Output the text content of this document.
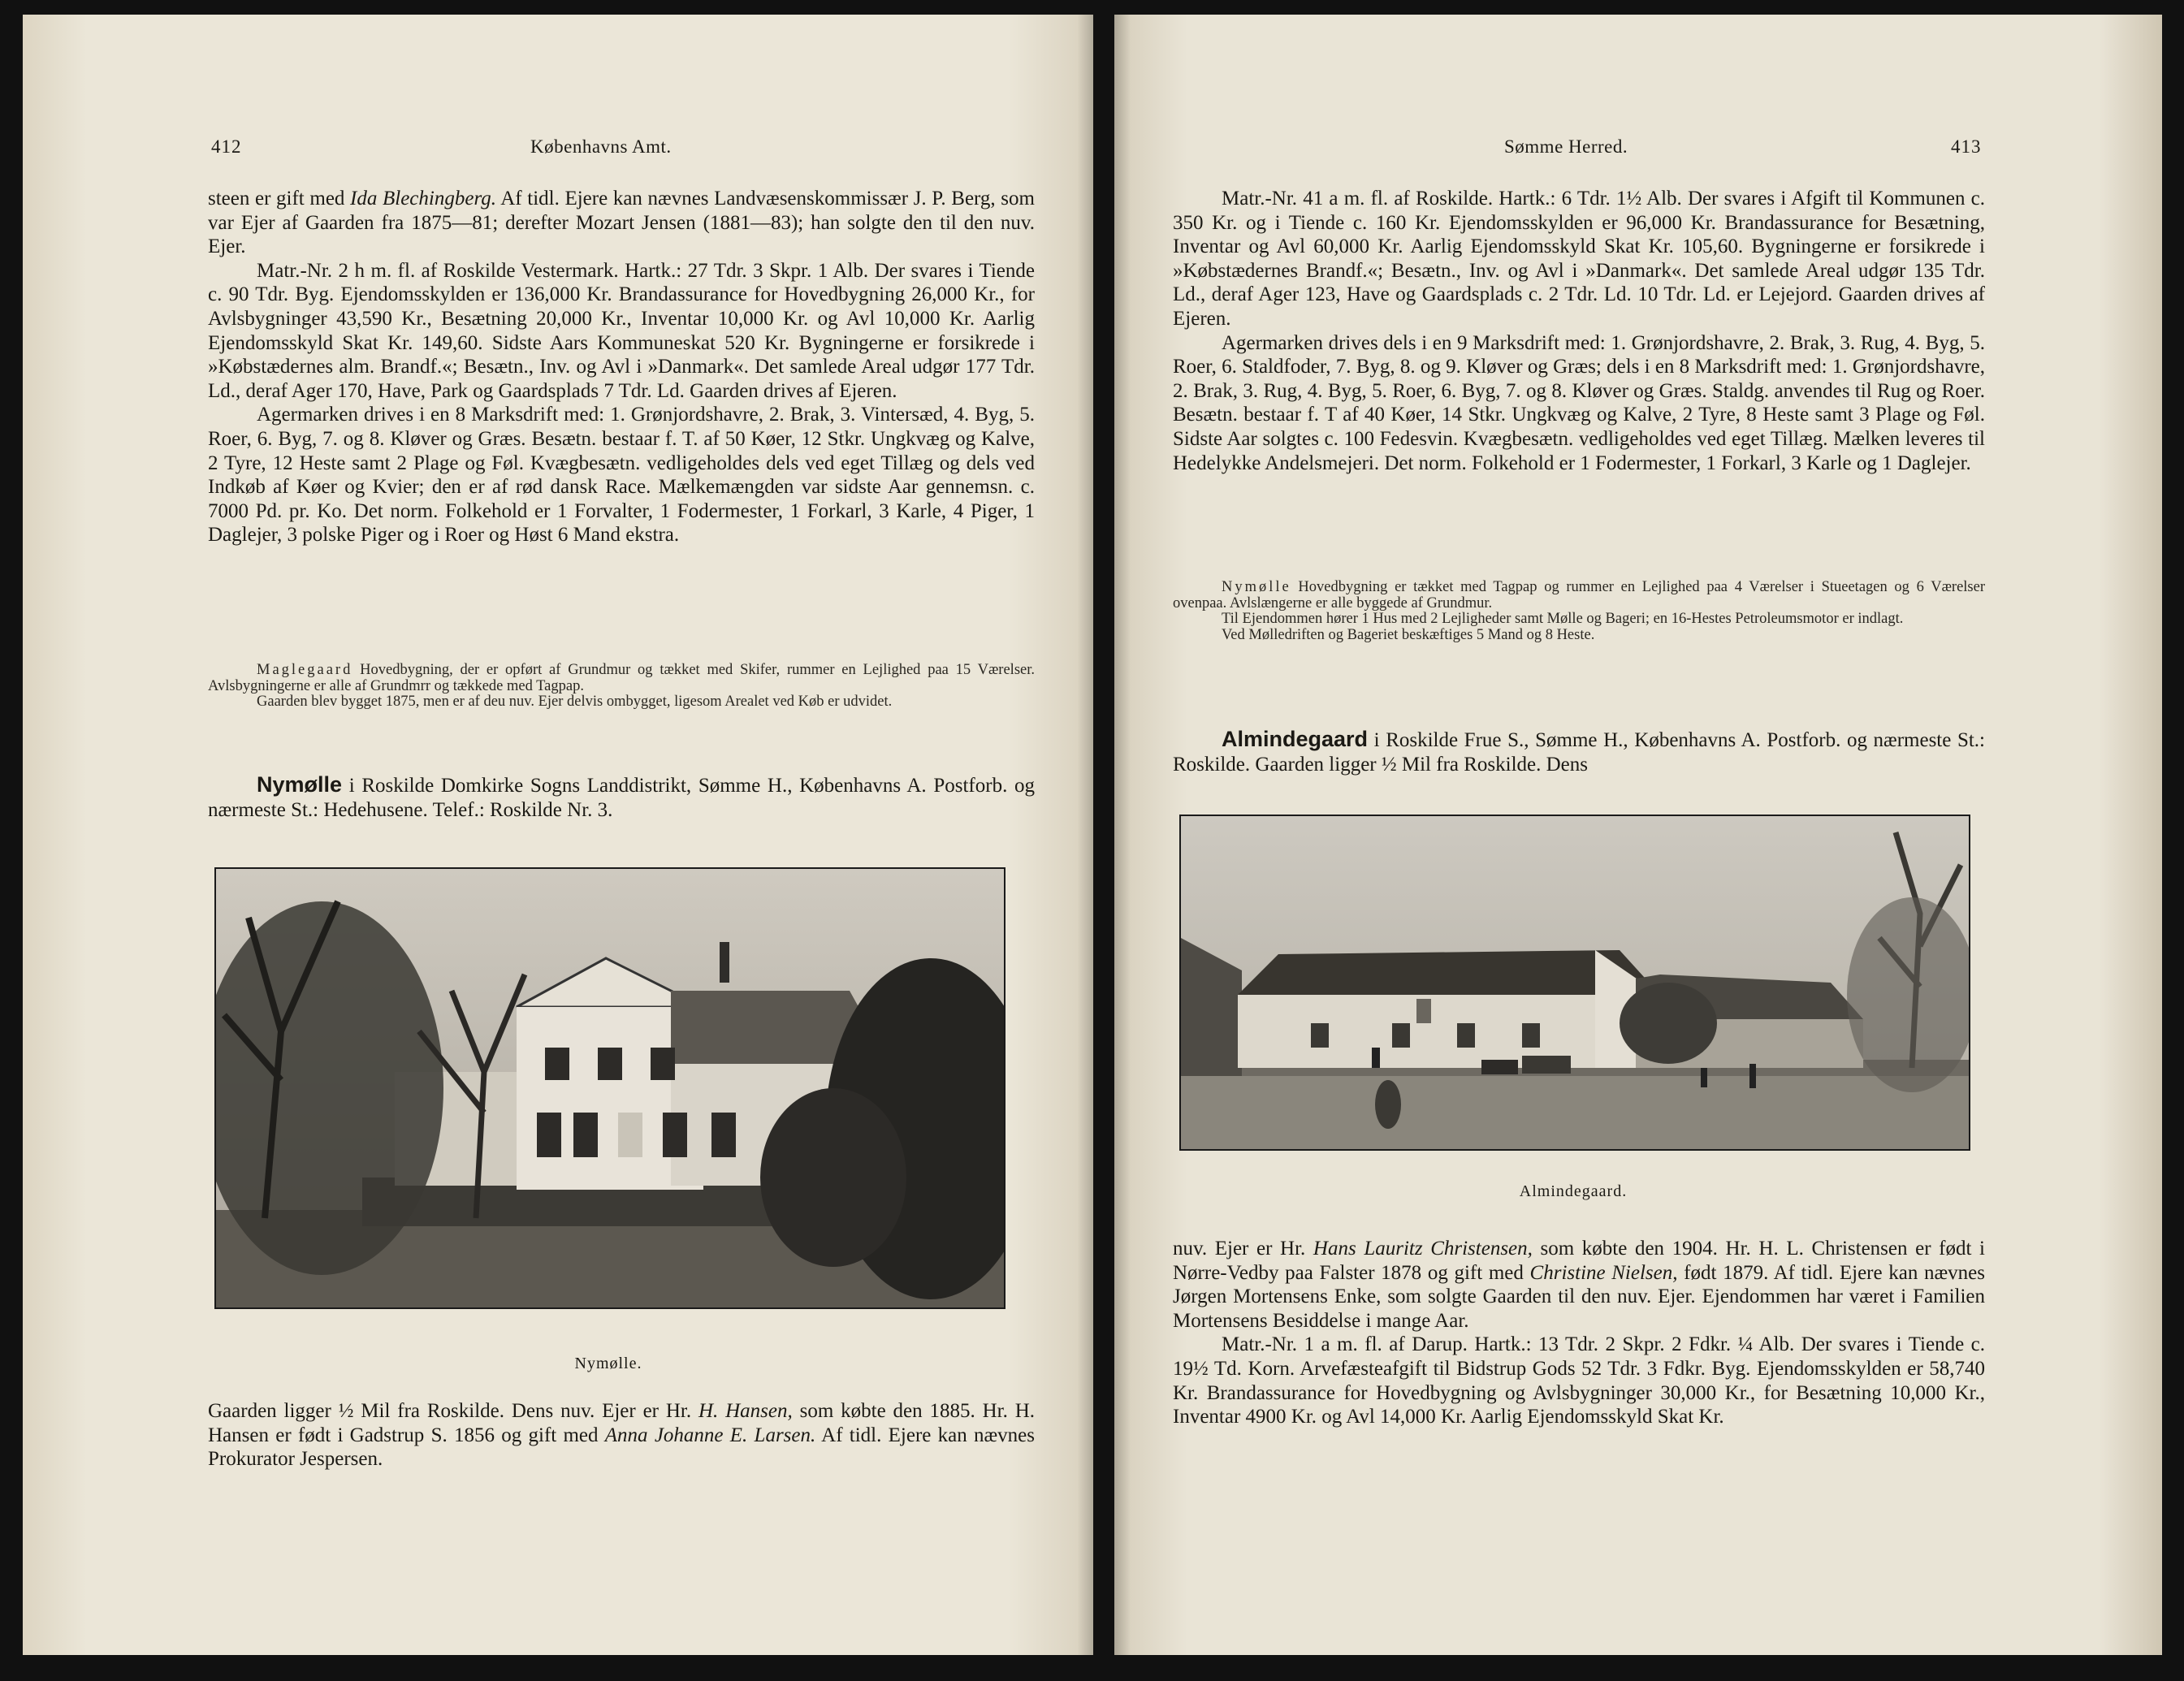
412	Københavns Amt.

steen er gift med Ida Blechingberg. Af tidl. Ejere kan nævnes Landvæsenskommissær J. P. Berg, som var Ejer af Gaarden fra 1875—81; derefter Mozart Jensen (1881—83); han solgte den til den nuv. Ejer.

Matr.-Nr. 2 h m. fl. af Roskilde Vestermark. Hartk.: 27 Tdr. 3 Skpr. 1 Alb. Der svares i Tiende c. 90 Tdr. Byg. Ejendomsskylden er 136,000 Kr. Brandassurance for Hovedbygning 26,000 Kr., for Avlsbygninger 43,590 Kr., Besætning 20,000 Kr., Inventar 10,000 Kr. og Avl 10,000 Kr. Aarlig Ejendomsskyld Skat Kr. 149,60. Sidste Aars Kommuneskat 520 Kr. Bygningerne er forsikrede i »Købstædernes alm. Brandf.«; Besætn., Inv. og Avl i »Danmark«. Det samlede Areal udgør 177 Tdr. Ld., deraf Ager 170, Have, Park og Gaardsplads 7 Tdr. Ld. Gaarden drives af Ejeren.

Agermarken drives i en 8 Marksdrift med: 1. Grønjordshavre, 2. Brak, 3. Vintersæd, 4. Byg, 5. Roer, 6. Byg, 7. og 8. Kløver og Græs. Besætn. bestaar f. T. af 50 Køer, 12 Stkr. Ungkvæg og Kalve, 2 Tyre, 12 Heste samt 2 Plage og Føl. Kvægbesætn. vedligeholdes dels ved eget Tillæg og dels ved Indkøb af Køer og Kvier; den er af rød dansk Race. Mælkemængden var sidste Aar gennemsn. c. 7000 Pd. pr. Ko. Det norm. Folkehold er 1 Forvalter, 1 Fodermester, 1 Forkarl, 3 Karle, 4 Piger, 1 Daglejer, 3 polske Piger og i Roer og Høst 6 Mand ekstra.

Maglegaard Hovedbygning, der er opført af Grundmur og tækket med Skifer, rummer en Lejlighed paa 15 Værelser. Avlsbygningerne er alle af Grundmrr og tækkede med Tagpap.

Gaarden blev bygget 1875, men er af deu nuv. Ejer delvis ombygget, ligesom Arealet ved Køb er udvidet.

Nymølle i Roskilde Domkirke Sogns Landdistrikt, Sømme H., Københavns A. Postforb. og nærmeste St.: Hedehusene. Telef.: Roskilde Nr. 3.

Nymølle.

Gaarden ligger ½ Mil fra Roskilde. Dens nuv. Ejer er Hr. H. Hansen, som købte den 1885. Hr. H. Hansen er født i Gadstrup S. 1856 og gift med Anna Johanne E. Larsen. Af tidl. Ejere kan nævnes Prokurator Jespersen.

Sømme Herred.	413

Matr.-Nr. 41 a m. fl. af Roskilde. Hartk.: 6 Tdr. 1½ Alb. Der svares i Afgift til Kommunen c. 350 Kr. og i Tiende c. 160 Kr. Ejendomsskylden er 96,000 Kr. Brandassurance for Besætning, Inventar og Avl 60,000 Kr. Aarlig Ejendomsskyld Skat Kr. 105,60. Bygningerne er forsikrede i »Købstædernes Brandf.«; Besætn., Inv. og Avl i »Danmark«. Det samlede Areal udgør 135 Tdr. Ld., deraf Ager 123, Have og Gaardsplads c. 2 Tdr. Ld. 10 Tdr. Ld. er Lejejord. Gaarden drives af Ejeren.

Agermarken drives dels i en 9 Marksdrift med: 1. Grønjordshavre, 2. Brak, 3. Rug, 4. Byg, 5. Roer, 6. Staldfoder, 7. Byg, 8. og 9. Kløver og Græs; dels i en 8 Marksdrift med: 1. Grønjordshavre, 2. Brak, 3. Rug, 4. Byg, 5. Roer, 6. Byg, 7. og 8. Kløver og Græs. Staldg. anvendes til Rug og Roer. Besætn. bestaar f. T af 40 Køer, 14 Stkr. Ungkvæg og Kalve, 2 Tyre, 8 Heste samt 3 Plage og Føl. Sidste Aar solgtes c. 100 Fedesvin. Kvægbesætn. vedligeholdes ved eget Tillæg. Mælken leveres til Hedelykke Andelsmejeri. Det norm. Folkehold er 1 Fodermester, 1 Forkarl, 3 Karle og 1 Daglejer.

Nymølle Hovedbygning er tækket med Tagpap og rummer en Lejlighed paa 4 Værelser i Stueetagen og 6 Værelser ovenpaa. Avlslængerne er alle byggede af Grundmur.

Til Ejendommen hører 1 Hus med 2 Lejligheder samt Mølle og Bageri; en 16-Hestes Petroleumsmotor er indlagt.

Ved Mølledriften og Bageriet beskæftiges 5 Mand og 8 Heste.

Almindegaard i Roskilde Frue S., Sømme H., Københavns A. Postforb. og nærmeste St.: Roskilde. Gaarden ligger ½ Mil fra Roskilde. Dens

Almindegaard.

nuv. Ejer er Hr. Hans Lauritz Christensen, som købte den 1904. Hr. H. L. Christensen er født i Nørre-Vedby paa Falster 1878 og gift med Christine Nielsen, født 1879. Af tidl. Ejere kan nævnes Jørgen Mortensens Enke, som solgte Gaarden til den nuv. Ejer. Ejendommen har været i Familien Mortensens Besiddelse i mange Aar.

Matr.-Nr. 1 a m. fl. af Darup. Hartk.: 13 Tdr. 2 Skpr. 2 Fdkr. ¼ Alb. Der svares i Tiende c. 19½ Td. Korn. Arvefæsteafgift til Bidstrup Gods 52 Tdr. 3 Fdkr. Byg. Ejendomsskylden er 58,740 Kr. Brandassurance for Hovedbygning og Avlsbygninger 30,000 Kr., for Besætning 10,000 Kr., Inventar 4900 Kr. og Avl 14,000 Kr. Aarlig Ejendomsskyld Skat Kr.
